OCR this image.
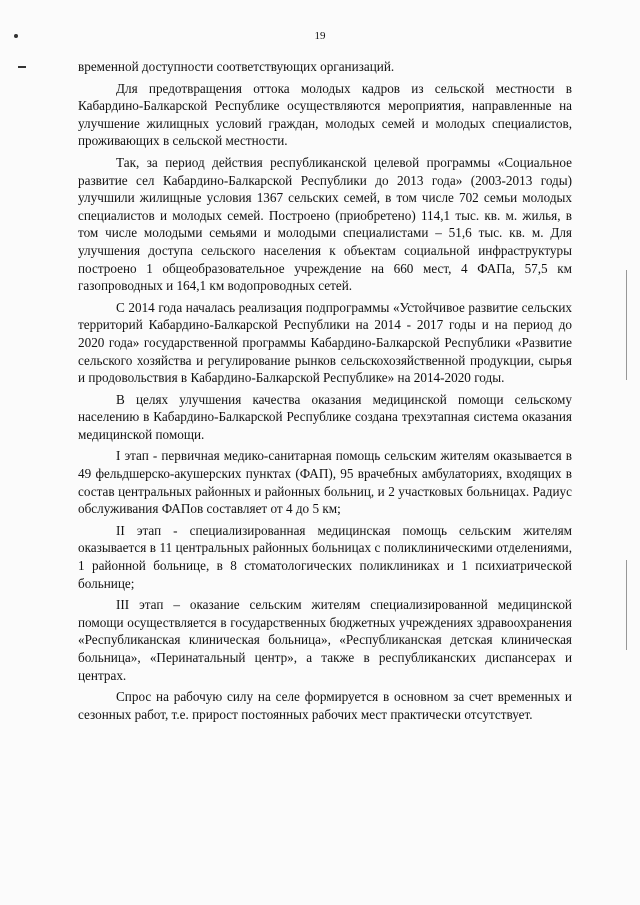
19

временной доступности соответствующих организаций.

Для предотвращения оттока молодых кадров из сельской местности в Кабардино-Балкарской Республике осуществляются мероприятия, направленные на улучшение жилищных условий граждан, молодых семей и молодых специалистов, проживающих в сельской местности.

Так, за период действия республиканской целевой программы «Социальное развитие сел Кабардино-Балкарской Республики до 2013 года» (2003-2013 годы) улучшили жилищные условия 1367 сельских семей, в том числе 702 семьи молодых специалистов и молодых семей. Построено (приобретено) 114,1 тыс. кв. м. жилья, в том числе молодыми семьями и молодыми специалистами – 51,6 тыс. кв. м. Для улучшения доступа сельского населения к объектам социальной инфраструктуры построено 1 общеобразовательное учреждение на 660 мест, 4 ФАПа, 57,5 км газопроводных и 164,1 км водопроводных сетей.

С 2014 года началась реализация подпрограммы «Устойчивое развитие сельских территорий Кабардино-Балкарской Республики на 2014 - 2017 годы и на период до 2020 года» государственной программы Кабардино-Балкарской Республики «Развитие сельского хозяйства и регулирование рынков сельскохозяйственной продукции, сырья и продовольствия в Кабардино-Балкарской Республике» на 2014-2020 годы.

В целях улучшения качества оказания медицинской помощи сельскому населению в Кабардино-Балкарской Республике создана трехэтапная система оказания медицинской помощи.

I этап - первичная медико-санитарная помощь сельским жителям оказывается в 49 фельдшерско-акушерских пунктах (ФАП), 95 врачебных амбулаториях, входящих в состав центральных районных и районных больниц, и 2 участковых больницах. Радиус обслуживания ФАПов составляет от 4 до 5 км;

II этап - специализированная медицинская помощь сельским жителям оказывается в 11 центральных районных больницах с поликлиническими отделениями, 1 районной больнице, в 8 стоматологических поликлиниках и 1 психиатрической больнице;

III этап – оказание сельским жителям специализированной медицинской помощи осуществляется в государственных бюджетных учреждениях здравоохранения «Республиканская клиническая больница», «Республиканская детская клиническая больница», «Перинатальный центр», а также в республиканских диспансерах и центрах.

Спрос на рабочую силу на селе формируется в основном за счет временных и сезонных работ, т.е. прирост постоянных рабочих мест практически отсутствует.
